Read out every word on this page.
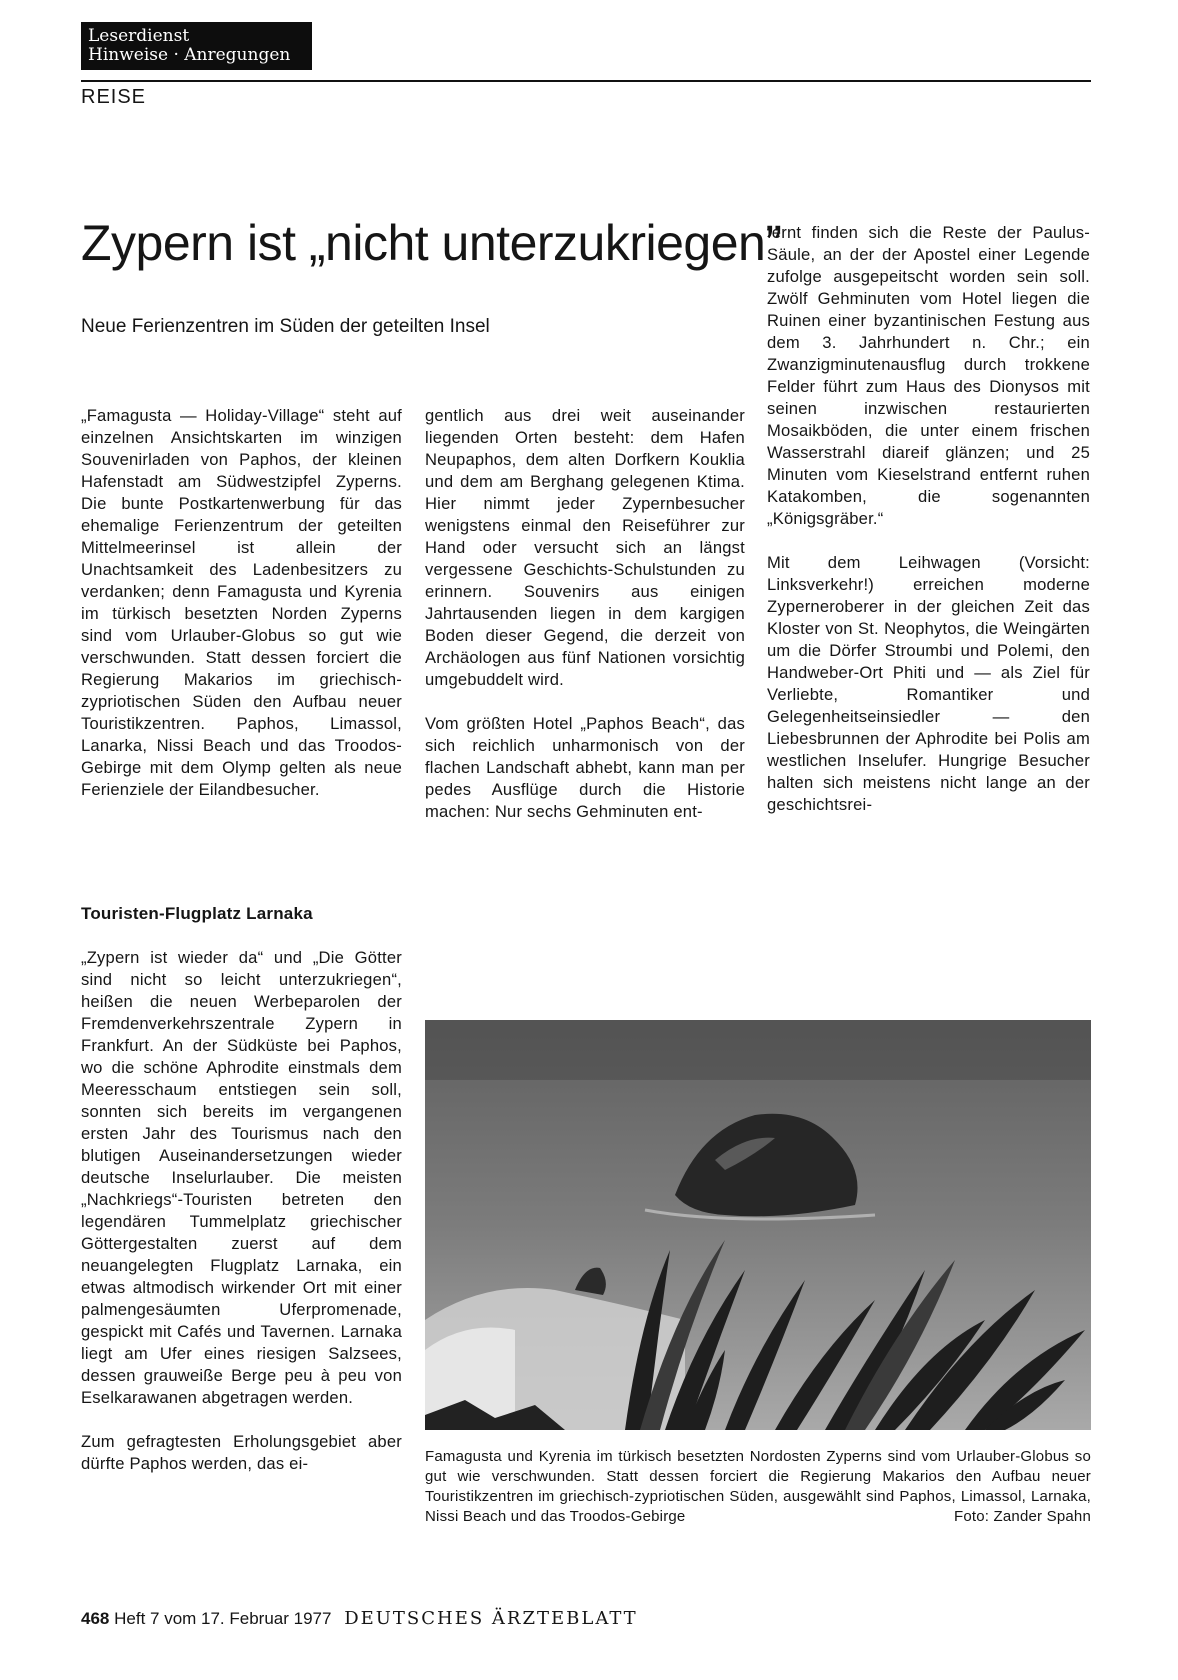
Leserdienst
Hinweise · Anregungen
REISE
Zypern ist „nicht unterzukriegen”
Neue Ferienzentren im Süden der geteilten Insel

„Famagusta — Holiday-Village“ steht auf einzelnen Ansichtskarten im winzigen Souvenirladen von Paphos, der kleinen Hafenstadt am Südwestzipfel Zyperns. Die bunte Postkartenwerbung für das ehemalige Ferienzentrum der geteilten Mittelmeerinsel ist allein der Unachtsamkeit des Ladenbesitzers zu verdanken; denn Famagusta und Kyrenia im türkisch besetzten Norden Zyperns sind vom Urlauber-Globus so gut wie verschwunden. Statt dessen forciert die Regierung Makarios im griechisch-zypriotischen Süden den Aufbau neuer Touristikzentren. Paphos, Limassol, Lanarka, Nissi Beach und das Troodos-Gebirge mit dem Olymp gelten als neue Ferienziele der Eilandbesucher.

gentlich aus drei weit auseinander liegenden Orten besteht: dem Hafen Neupaphos, dem alten Dorfkern Kouklia und dem am Berghang gelegenen Ktima. Hier nimmt jeder Zypernbesucher wenigstens einmal den Reiseführer zur Hand oder versucht sich an längst vergessene Geschichts-Schulstunden zu erinnern. Souvenirs aus einigen Jahrtausenden liegen in dem kargigen Boden dieser Gegend, die derzeit von Archäologen aus fünf Nationen vorsichtig umgebuddelt wird.

Vom größten Hotel „Paphos Beach“, das sich reichlich unharmonisch von der flachen Landschaft abhebt, kann man per pedes Ausflüge durch die Historie machen: Nur sechs Gehminuten ent-

fernt finden sich die Reste der Paulus-Säule, an der der Apostel einer Legende zufolge ausgepeitscht worden sein soll. Zwölf Gehminuten vom Hotel liegen die Ruinen einer byzantinischen Festung aus dem 3. Jahrhundert n. Chr.; ein Zwanzigminutenausflug durch trokkene Felder führt zum Haus des Dionysos mit seinen inzwischen restaurierten Mosaikböden, die unter einem frischen Wasserstrahl diareif glänzen; und 25 Minuten vom Kieselstrand entfernt ruhen Katakomben, die sogenannten „Königsgräber.“

Mit dem Leihwagen (Vorsicht: Linksverkehr!) erreichen moderne Zypernеroberer in der gleichen Zeit das Kloster von St. Neophytos, die Weingärten um die Dörfer Stroumbi und Polemi, den Handweber-Ort Phiti und — als Ziel für Verliebte, Romantiker und Gelegenheitseinsiedler — den Liebesbrunnen der Aphrodite bei Polis am westlichen Inselufer. Hungrige Besucher halten sich meistens nicht lange an der geschichtsrei-

Touristen-Flugplatz Larnaka

„Zypern ist wieder da“ und „Die Götter sind nicht so leicht unterzukriegen“, heißen die neuen Werbeparolen der Fremdenverkehrszentrale Zypern in Frankfurt. An der Südküste bei Paphos, wo die schöne Aphrodite einstmals dem Meeresschaum entstiegen sein soll, sonnten sich bereits im vergangenen ersten Jahr des Tourismus nach den blutigen Auseinandersetzungen wieder deutsche Inselurlauber. Die meisten „Nachkriegs“-Touristen betreten den legendären Tummelplatz griechischer Göttergestalten zuerst auf dem neuangelegten Flugplatz Larnaka, ein etwas altmodisch wirkender Ort mit einer palmengesäumten Uferpromenade, gespickt mit Cafés und Tavernen. Larnaka liegt am Ufer eines riesigen Salzsees, dessen grauweiße Berge peu à peu von Eselkarawanen abgetragen werden.

Zum gefragtesten Erholungsgebiet aber dürfte Paphos werden, das ei-	Famagusta und Kyrenia im türkisch besetzten Nordosten Zyperns sind vom Urlauber-Globus so gut wie verschwunden. Statt dessen forciert die Regierung Makarios den Aufbau neuer Touristikzentren im griechisch-zypriotischen Süden, ausgewählt sind Paphos, Limassol, Larnaka, Nissi Beach und das Troodos-Gebirge	Foto: Zander Spahn
468 Heft 7 vom 17. Februar 1977 DEUTSCHES ÄRZTEBLATT
